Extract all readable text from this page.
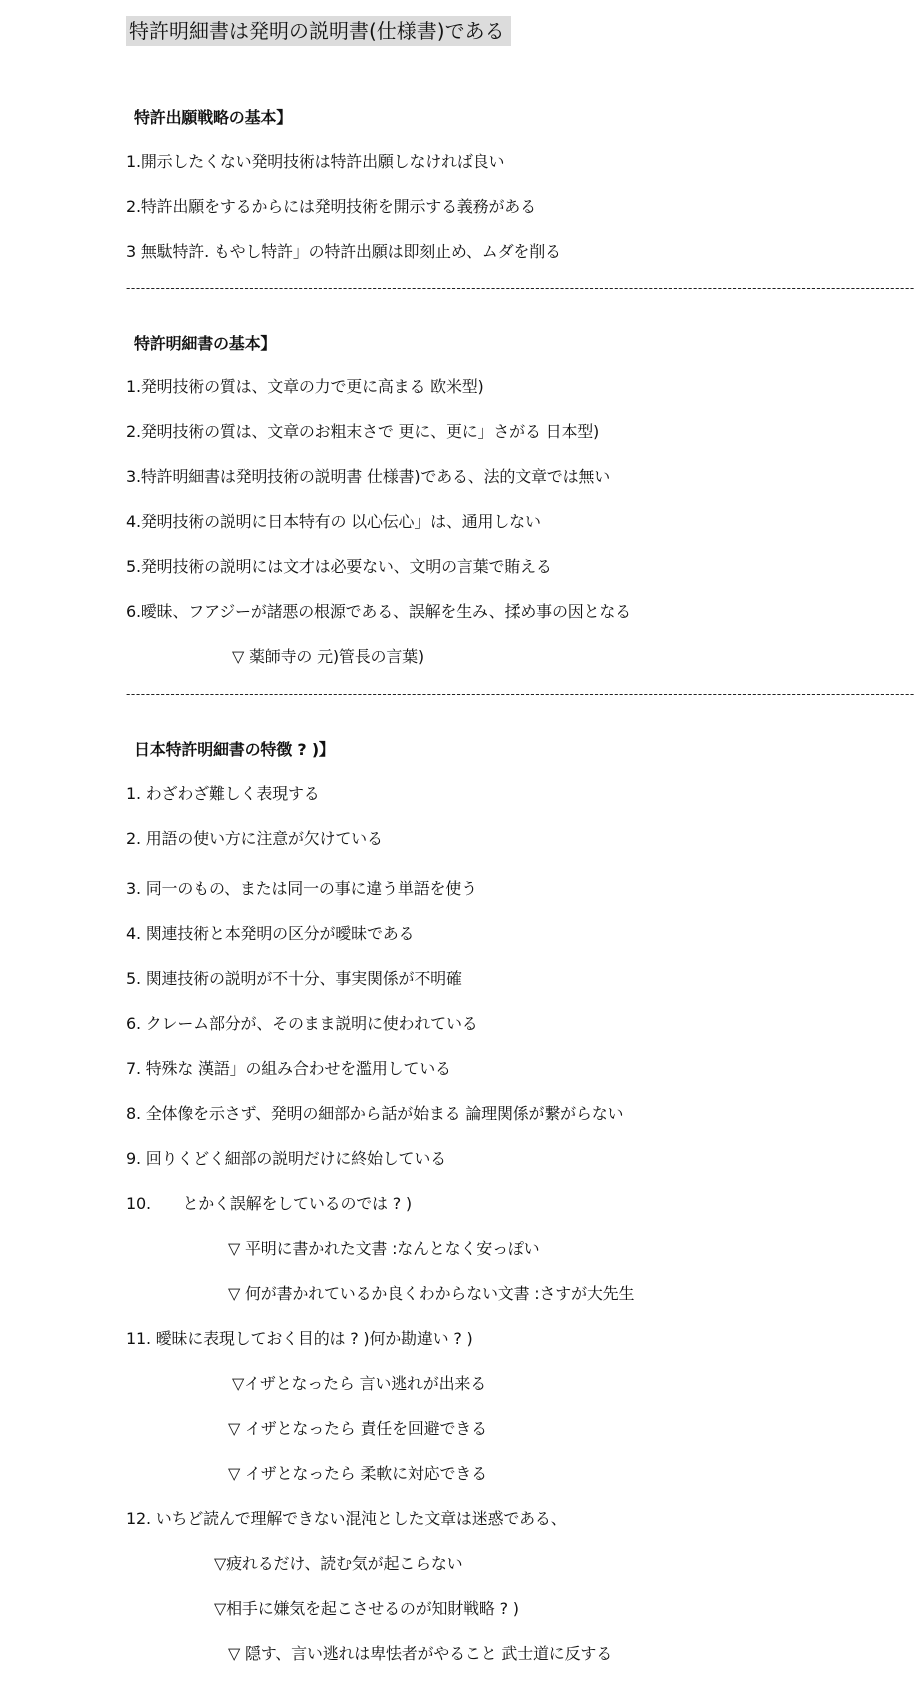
特許明細書は発明の説明書(仕様書)である
特許出願戦略の基本】
1.開示したくない発明技術は特許出願しなければ良い
2.特許出願をするからには発明技術を開示する義務がある
3 無駄特許. もやし特許」の特許出願は即刻止め、ムダを削る
----------------------------------------------------------------------------------------------------------------------------------------------------------------
特許明細書の基本】
1.発明技術の質は、文章の力で更に高まる 欧米型)
2.発明技術の質は、文章のお粗末さで 更に、更に」さがる 日本型)
3.特許明細書は発明技術の説明書 仕様書)である、法的文章では無い
4.発明技術の説明に日本特有の 以心伝心」は、通用しない
5.発明技術の説明には文才は必要ない、文明の言葉で賄える
6.曖昧、フアジーが諸悪の根源である、誤解を生み、揉め事の因となる
▽ 薬師寺の 元)管長の言葉)
----------------------------------------------------------------------------------------------------------------------------------------------------------------
日本特許明細書の特徴 ? )】
1. わざわざ難しく表現する
2. 用語の使い方に注意が欠けている
3. 同一のもの、または同一の事に違う単語を使う
4. 関連技術と本発明の区分が曖昧である
5. 関連技術の説明が不十分、事実関係が不明確
6. クレーム部分が、そのまま説明に使われている
7. 特殊な 漢語」の組み合わせを濫用している
8. 全体像を示さず、発明の細部から話が始まる 論理関係が繋がらない
9. 回りくどく細部の説明だけに終始している
10.　　とかく誤解をしているのでは ? )
▽ 平明に書かれた文書 :なんとなく安っぽい
▽ 何が書かれているか良くわからない文書 :さすが大先生
11. 曖昧に表現しておく目的は ? )何か勘違い ? )
▽イザとなったら 言い逃れが出来る
▽ イザとなったら 責任を回避できる
▽ イザとなったら 柔軟に対応できる
12. いちど読んで理解できない混沌とした文章は迷惑である、
▽疲れるだけ、読む気が起こらない
▽相手に嫌気を起こさせるのが知財戦略 ? )
▽ 隠す、言い逃れは卑怯者がやること 武士道に反する
